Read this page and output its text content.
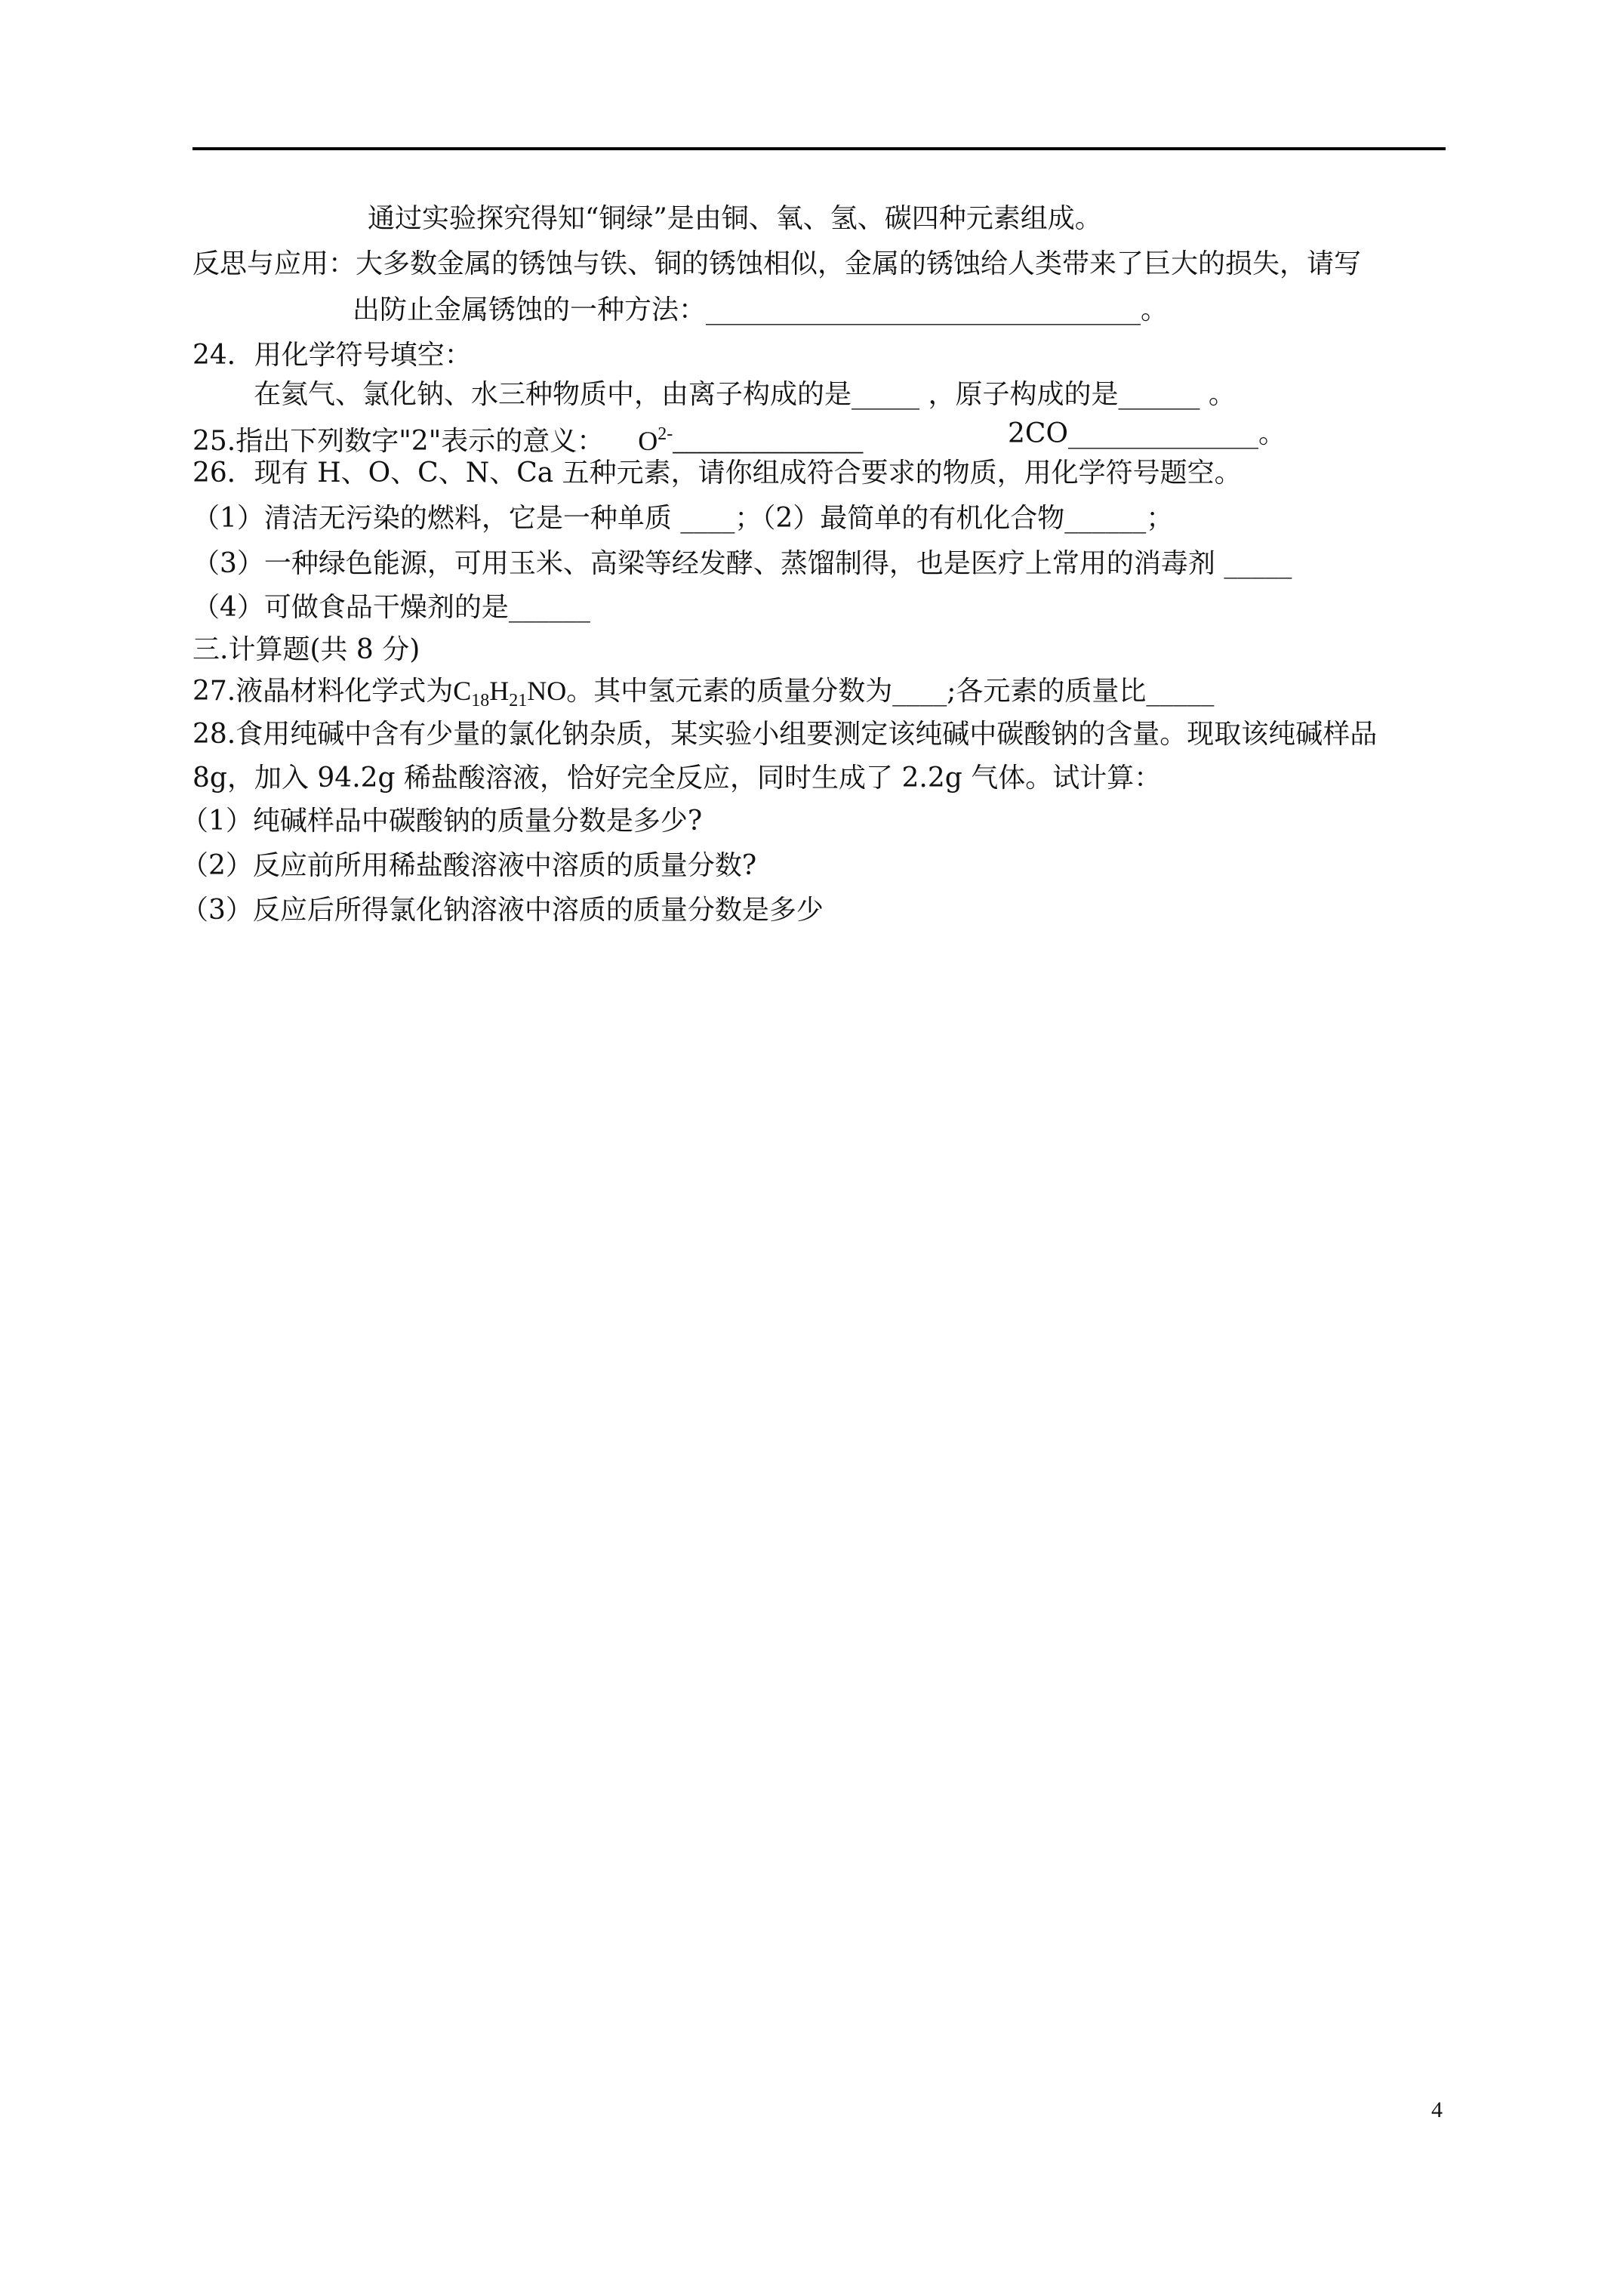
通过实验探究得知“铜绿”是由铜、氧、氢、碳四种元素组成。
反思与应用：大多数金属的锈蚀与铁、铜的锈蚀相似，金属的锈蚀给人类带来了巨大的损失，请写
出防止金属锈蚀的一种方法：________________________________。
24．用化学符号填空：
在氦气、氯化钠、水三种物质中，由离子构成的是_____ ，原子构成的是______ 。
25.指出下列数字"2"表示的意义： $O^{2-}\_\_\_\_\_\_\_\_\_\_\_\_\_\_$	2CO______________。
26．现有 H、O、C、N、Ca 五种元素，请你组成符合要求的物质，用化学符号题空。
（1）清洁无污染的燃料，它是一种单质 ____；（2）最简单的有机化合物______；
（3）一种绿色能源，可用玉米、高梁等经发酵、蒸馏制得，也是医疗上常用的消毒剂 _____
（4）可做食品干燥剂的是______
三.计算题(共 8 分)
27.液晶材料化学式为$C_{18}H_{21}NO$。其中氢元素的质量分数为____;各元素的质量比_____
28.食用纯碱中含有少量的氯化钠杂质，某实验小组要测定该纯碱中碳酸钠的含量。现取该纯碱样品
8g，加入 94.2g 稀盐酸溶液，恰好完全反应，同时生成了 2.2g 气体。试计算：
（1）纯碱样品中碳酸钠的质量分数是多少?
（2）反应前所用稀盐酸溶液中溶质的质量分数?
（3）反应后所得氯化钠溶液中溶质的质量分数是多少
4
